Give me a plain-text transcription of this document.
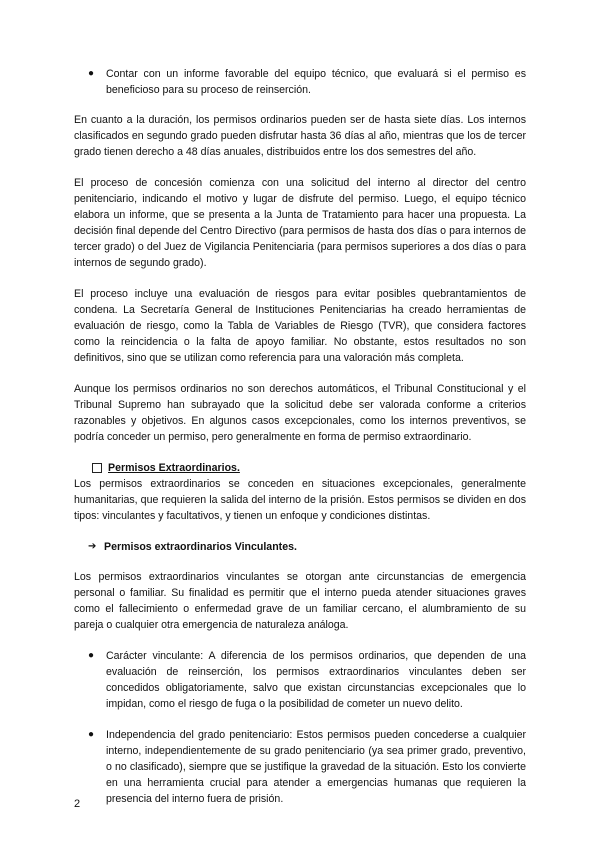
●	Contar con un informe favorable del equipo técnico, que evaluará si el permiso es beneficioso para su proceso de reinserción.

En cuanto a la duración, los permisos ordinarios pueden ser de hasta siete días. Los internos clasificados en segundo grado pueden disfrutar hasta 36 días al año, mientras que los de tercer grado tienen derecho a 48 días anuales, distribuidos entre los dos semestres del año.

El proceso de concesión comienza con una solicitud del interno al director del centro penitenciario, indicando el motivo y lugar de disfrute del permiso. Luego, el equipo técnico elabora un informe, que se presenta a la Junta de Tratamiento para hacer una propuesta. La decisión final depende del Centro Directivo (para permisos de hasta dos días o para internos de tercer grado) o del Juez de Vigilancia Penitenciaria (para permisos superiores a dos días o para internos de segundo grado).

El proceso incluye una evaluación de riesgos para evitar posibles quebrantamientos de condena. La Secretaría General de Instituciones Penitenciarias ha creado herramientas de evaluación de riesgo, como la Tabla de Variables de Riesgo (TVR), que considera factores como la reincidencia o la falta de apoyo familiar. No obstante, estos resultados no son definitivos, sino que se utilizan como referencia para una valoración más completa.

Aunque los permisos ordinarios no son derechos automáticos, el Tribunal Constitucional y el Tribunal Supremo han subrayado que la solicitud debe ser valorada conforme a criterios razonables y objetivos. En algunos casos excepcionales, como los internos preventivos, se podría conceder un permiso, pero generalmente en forma de permiso extraordinario.

Permisos Extraordinarios.

Los permisos extraordinarios se conceden en situaciones excepcionales, generalmente humanitarias, que requieren la salida del interno de la prisión. Estos permisos se dividen en dos tipos: vinculantes y facultativos, y tienen un enfoque y condiciones distintas.

➔ Permisos extraordinarios Vinculantes.

Los permisos extraordinarios vinculantes se otorgan ante circunstancias de emergencia personal o familiar. Su finalidad es permitir que el interno pueda atender situaciones graves como el fallecimiento o enfermedad grave de un familiar cercano, el alumbramiento de su pareja o cualquier otra emergencia de naturaleza análoga.

●	Carácter vinculante: A diferencia de los permisos ordinarios, que dependen de una evaluación de reinserción, los permisos extraordinarios vinculantes deben ser concedidos obligatoriamente, salvo que existan circunstancias excepcionales que lo impidan, como el riesgo de fuga o la posibilidad de cometer un nuevo delito.
●	Independencia del grado penitenciario: Estos permisos pueden concederse a cualquier interno, independientemente de su grado penitenciario (ya sea primer grado, preventivo, o no clasificado), siempre que se justifique la gravedad de la situación. Esto los convierte en una herramienta crucial para atender a emergencias humanas que requieren la presencia del interno fuera de prisión.
2
